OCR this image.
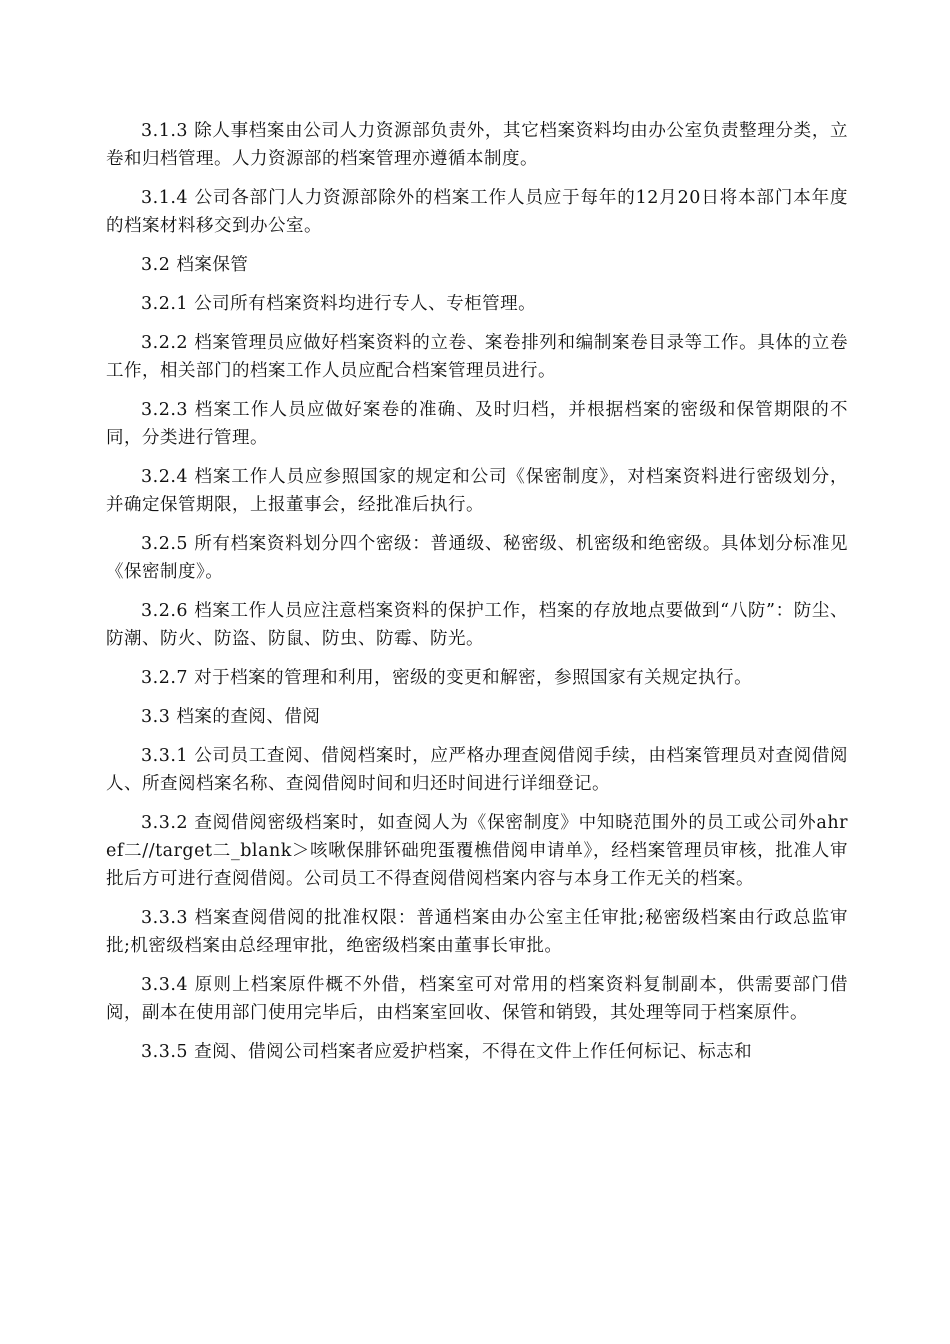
3.1.3 除人事档案由公司人力资源部负责外，其它档案资料均由办公室负责整理分类，立卷和归档管理。人力资源部的档案管理亦遵循本制度。

3.1.4 公司各部门人力资源部除外的档案工作人员应于每年的12月20日将本部门本年度的档案材料移交到办公室。

3.2 档案保管

3.2.1 公司所有档案资料均进行专人、专柜管理。

3.2.2 档案管理员应做好档案资料的立卷、案卷排列和编制案卷目录等工作。具体的立卷工作，相关部门的档案工作人员应配合档案管理员进行。

3.2.3 档案工作人员应做好案卷的准确、及时归档，并根据档案的密级和保管期限的不同，分类进行管理。

3.2.4 档案工作人员应参照国家的规定和公司《保密制度》，对档案资料进行密级划分，并确定保管期限，上报董事会，经批准后执行。

3.2.5 所有档案资料划分四个密级：普通级、秘密级、机密级和绝密级。具体划分标准见《保密制度》。

3.2.6 档案工作人员应注意档案资料的保护工作，档案的存放地点要做到“八防”：防尘、防潮、防火、防盗、防鼠、防虫、防霉、防光。

3.2.7 对于档案的管理和利用，密级的变更和解密，参照国家有关规定执行。

3.3 档案的查阅、借阅

3.3.1 公司员工查阅、借阅档案时，应严格办理查阅借阅手续，由档案管理员对查阅借阅人、所查阅档案名称、查阅借阅时间和归还时间进行详细登记。

3.3.2 查阅借阅密级档案时，如查阅人为《保密制度》中知晓范围外的员工或公司外ahref二//target二_blank＞咳啾保腓钚础兜蛋覆樵借阅申请单》，经档案管理员审核，批准人审批后方可进行查阅借阅。公司员工不得查阅借阅档案内容与本身工作无关的档案。

3.3.3 档案查阅借阅的批准权限：普通档案由办公室主任审批;秘密级档案由行政总监审批;机密级档案由总经理审批，绝密级档案由董事长审批。

3.3.4 原则上档案原件概不外借，档案室可对常用的档案资料复制副本，供需要部门借阅，副本在使用部门使用完毕后，由档案室回收、保管和销毁，其处理等同于档案原件。

3.3.5 查阅、借阅公司档案者应爱护档案，不得在文件上作任何标记、标志和
